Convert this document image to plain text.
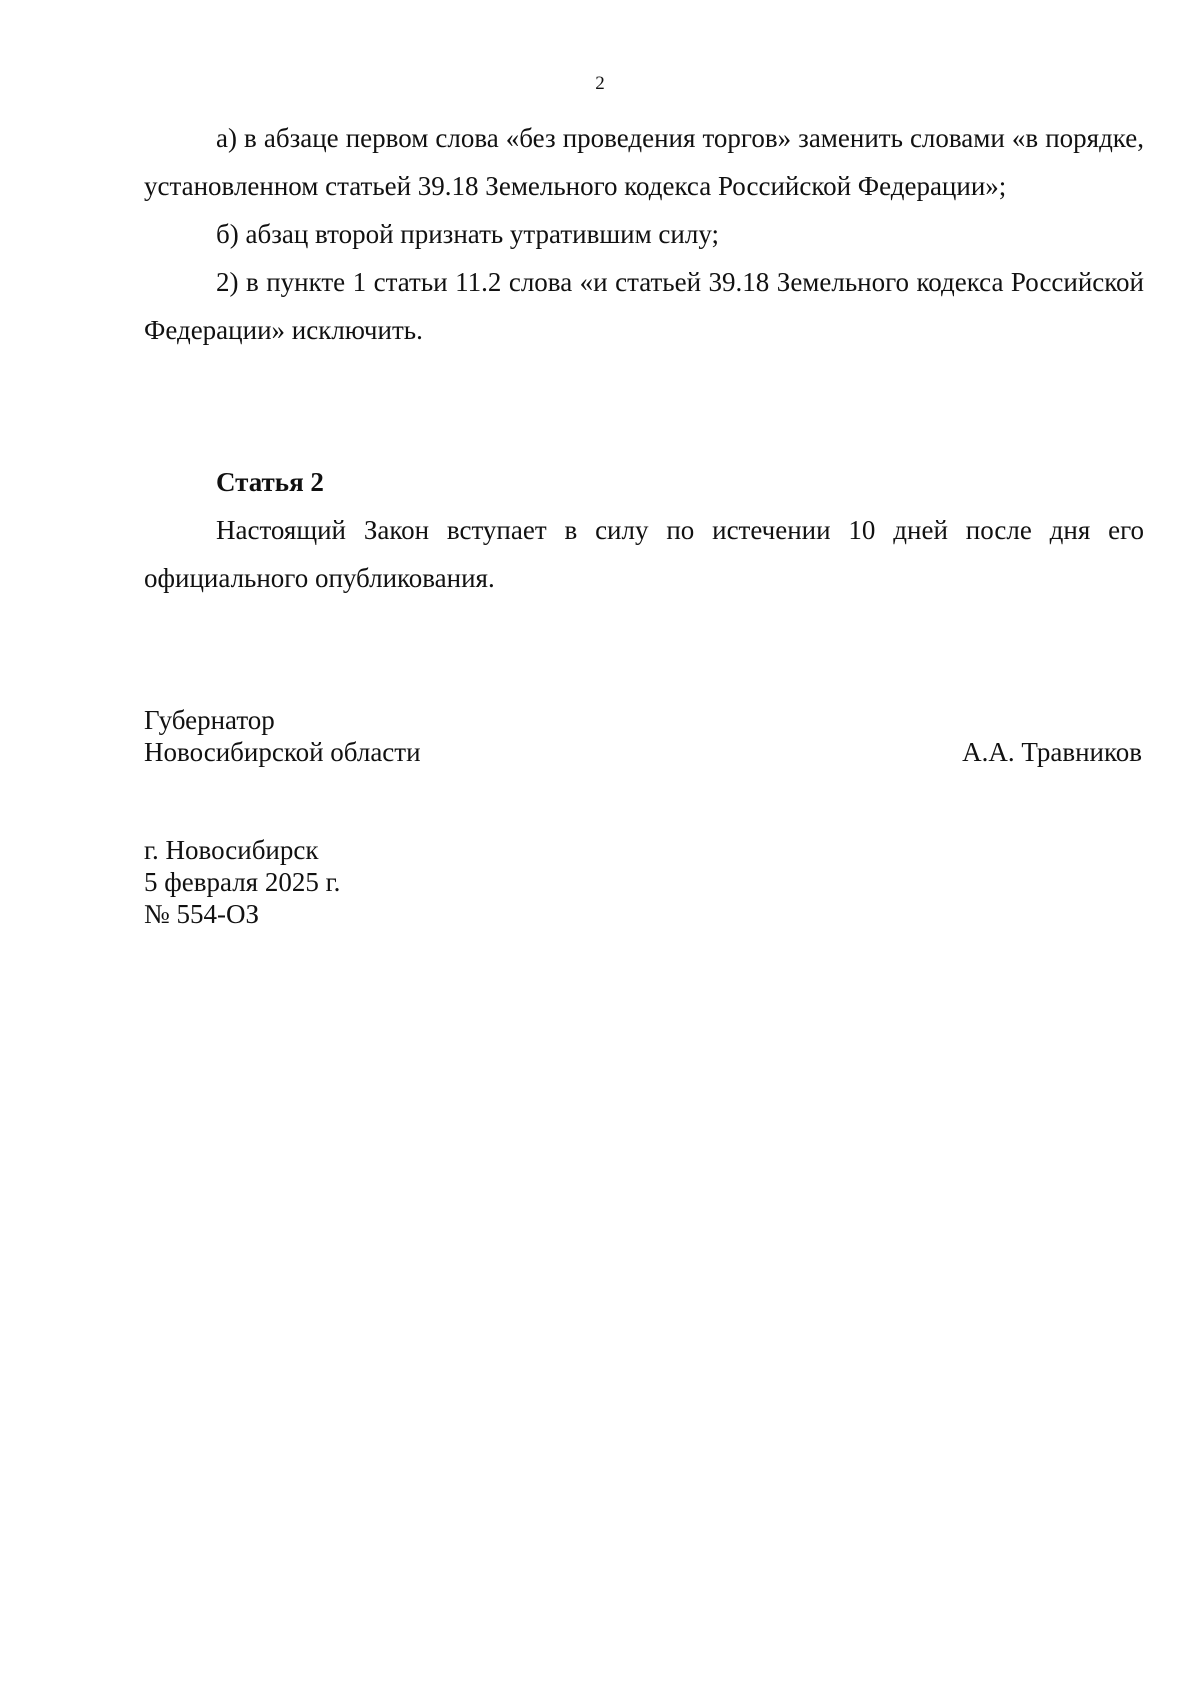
2

а) в абзаце первом слова «без проведения торгов» заменить словами «в порядке, установленном статьей 39.18 Земельного кодекса Российской Федерации»;

б) абзац второй признать утратившим силу;

2) в пункте 1 статьи 11.2 слова «и статьей 39.18 Земельного кодекса Российской Федерации» исключить.

Статья 2

Настоящий Закон вступает в силу по истечении 10 дней после дня его официального опубликования.

Губернатор
Новосибирской области	А.А. Травников
г. Новосибирск
5 февраля 2025 г.
№ 554-ОЗ
